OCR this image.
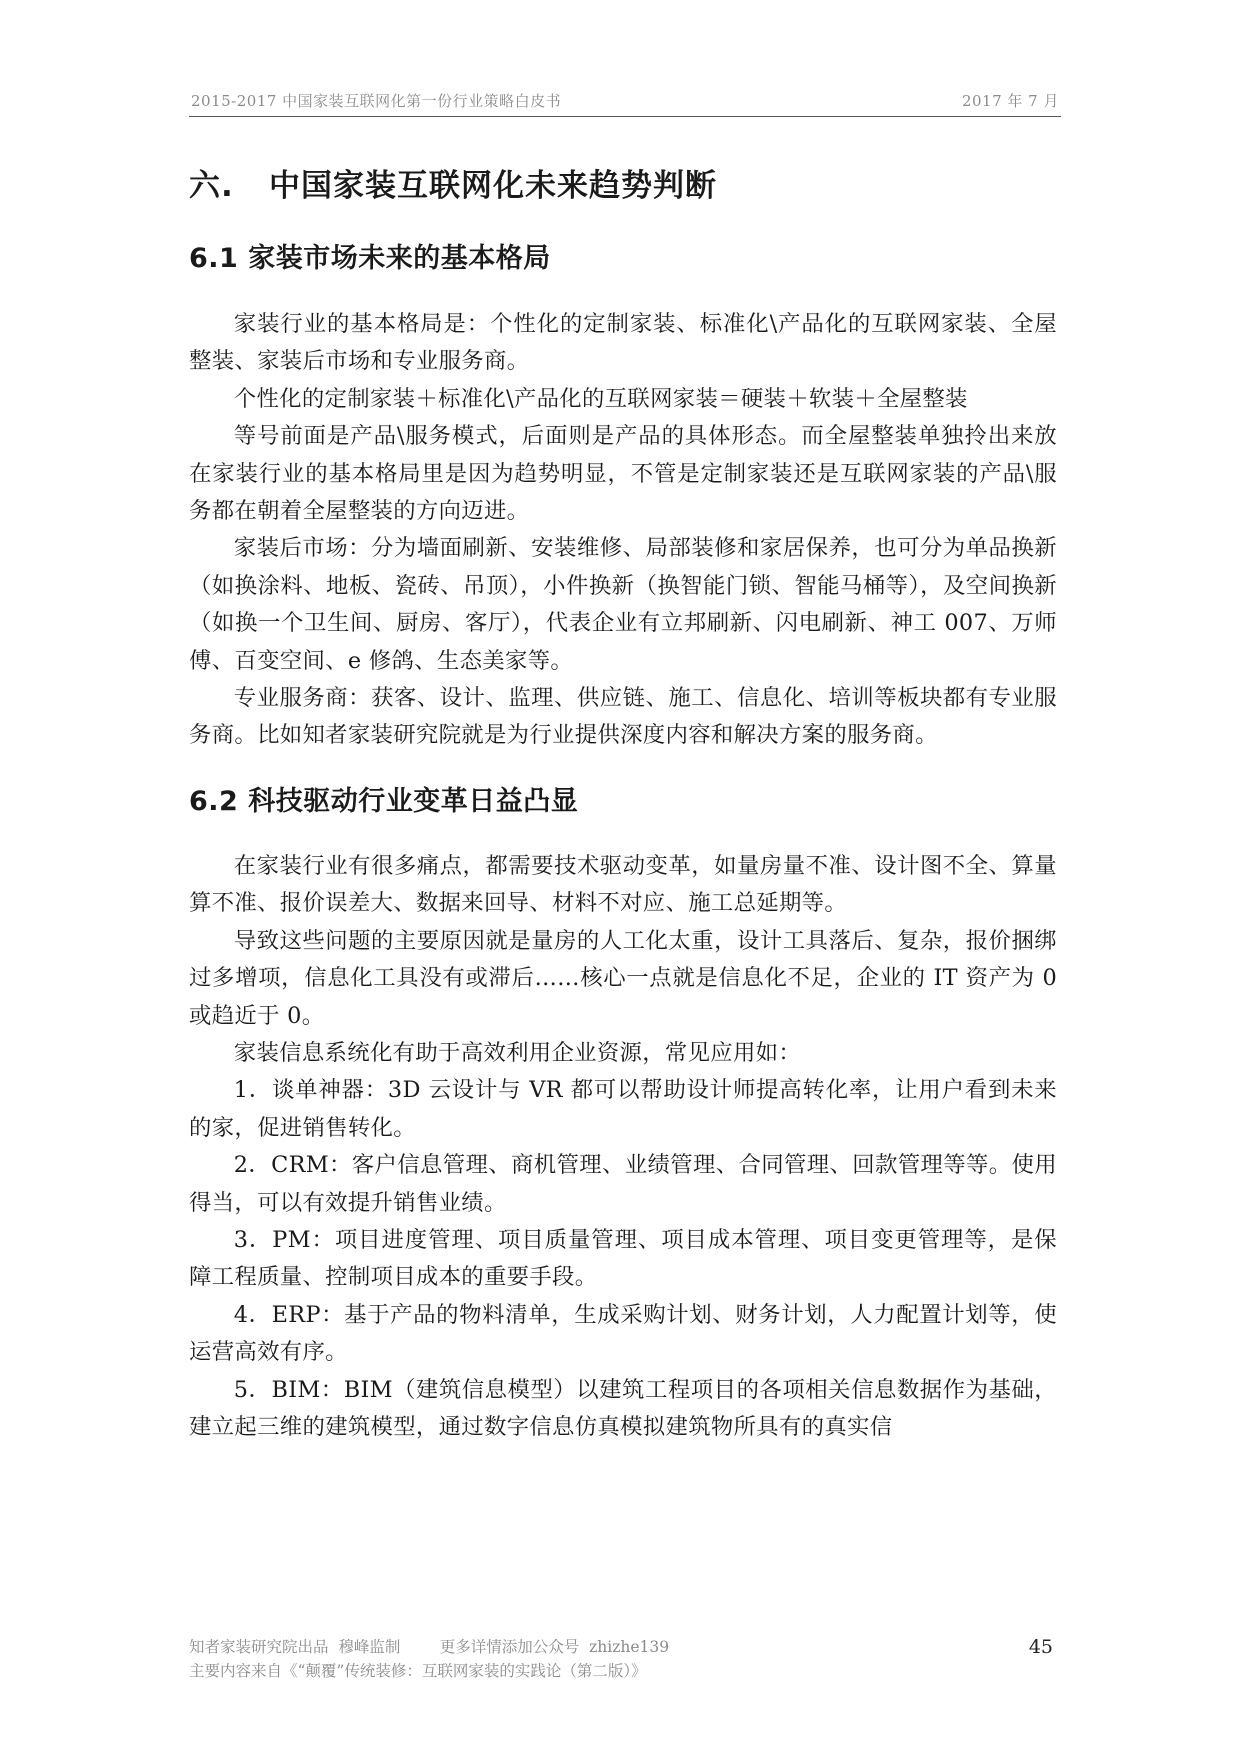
2015-2017 中国家装互联网化第一份行业策略白皮书	2017 年 7 月
六. 中国家装互联网化未来趋势判断
6.1 家装市场未来的基本格局

家装行业的基本格局是：个性化的定制家装、标准化\产品化的互联网家装、全屋整装、家装后市场和专业服务商。

个性化的定制家装＋标准化\产品化的互联网家装＝硬装＋软装＋全屋整装

等号前面是产品\服务模式，后面则是产品的具体形态。而全屋整装单独拎出来放在家装行业的基本格局里是因为趋势明显，不管是定制家装还是互联网家装的产品\服务都在朝着全屋整装的方向迈进。

家装后市场：分为墙面刷新、安装维修、局部装修和家居保养，也可分为单品换新（如换涂料、地板、瓷砖、吊顶），小件换新（换智能门锁、智能马桶等），及空间换新（如换一个卫生间、厨房、客厅），代表企业有立邦刷新、闪电刷新、神工 007、万师傅、百变空间、e 修鸽、生态美家等。

专业服务商：获客、设计、监理、供应链、施工、信息化、培训等板块都有专业服务商。比如知者家装研究院就是为行业提供深度内容和解决方案的服务商。

6.2 科技驱动行业变革日益凸显

在家装行业有很多痛点，都需要技术驱动变革，如量房量不准、设计图不全、算量算不准、报价误差大、数据来回导、材料不对应、施工总延期等。

导致这些问题的主要原因就是量房的人工化太重，设计工具落后、复杂，报价捆绑过多增项，信息化工具没有或滞后……核心一点就是信息化不足，企业的 IT 资产为 0 或趋近于 0。

家装信息系统化有助于高效利用企业资源，常见应用如：

1．谈单神器：3D 云设计与 VR 都可以帮助设计师提高转化率，让用户看到未来的家，促进销售转化。

2．CRM：客户信息管理、商机管理、业绩管理、合同管理、回款管理等等。使用得当，可以有效提升销售业绩。

3．PM：项目进度管理、项目质量管理、项目成本管理、项目变更管理等，是保障工程质量、控制项目成本的重要手段。

4．ERP：基于产品的物料清单，生成采购计划、财务计划，人力配置计划等，使运营高效有序。

5．BIM：BIM（建筑信息模型）以建筑工程项目的各项相关信息数据作为基础，建立起三维的建筑模型，通过数字信息仿真模拟建筑物所具有的真实信

知者家装研究院出品  穆峰监制        更多详情添加公众号  zhizhe139
主要内容来自《“颠覆”传统装修：互联网家装的实践论（第二版）》
45
